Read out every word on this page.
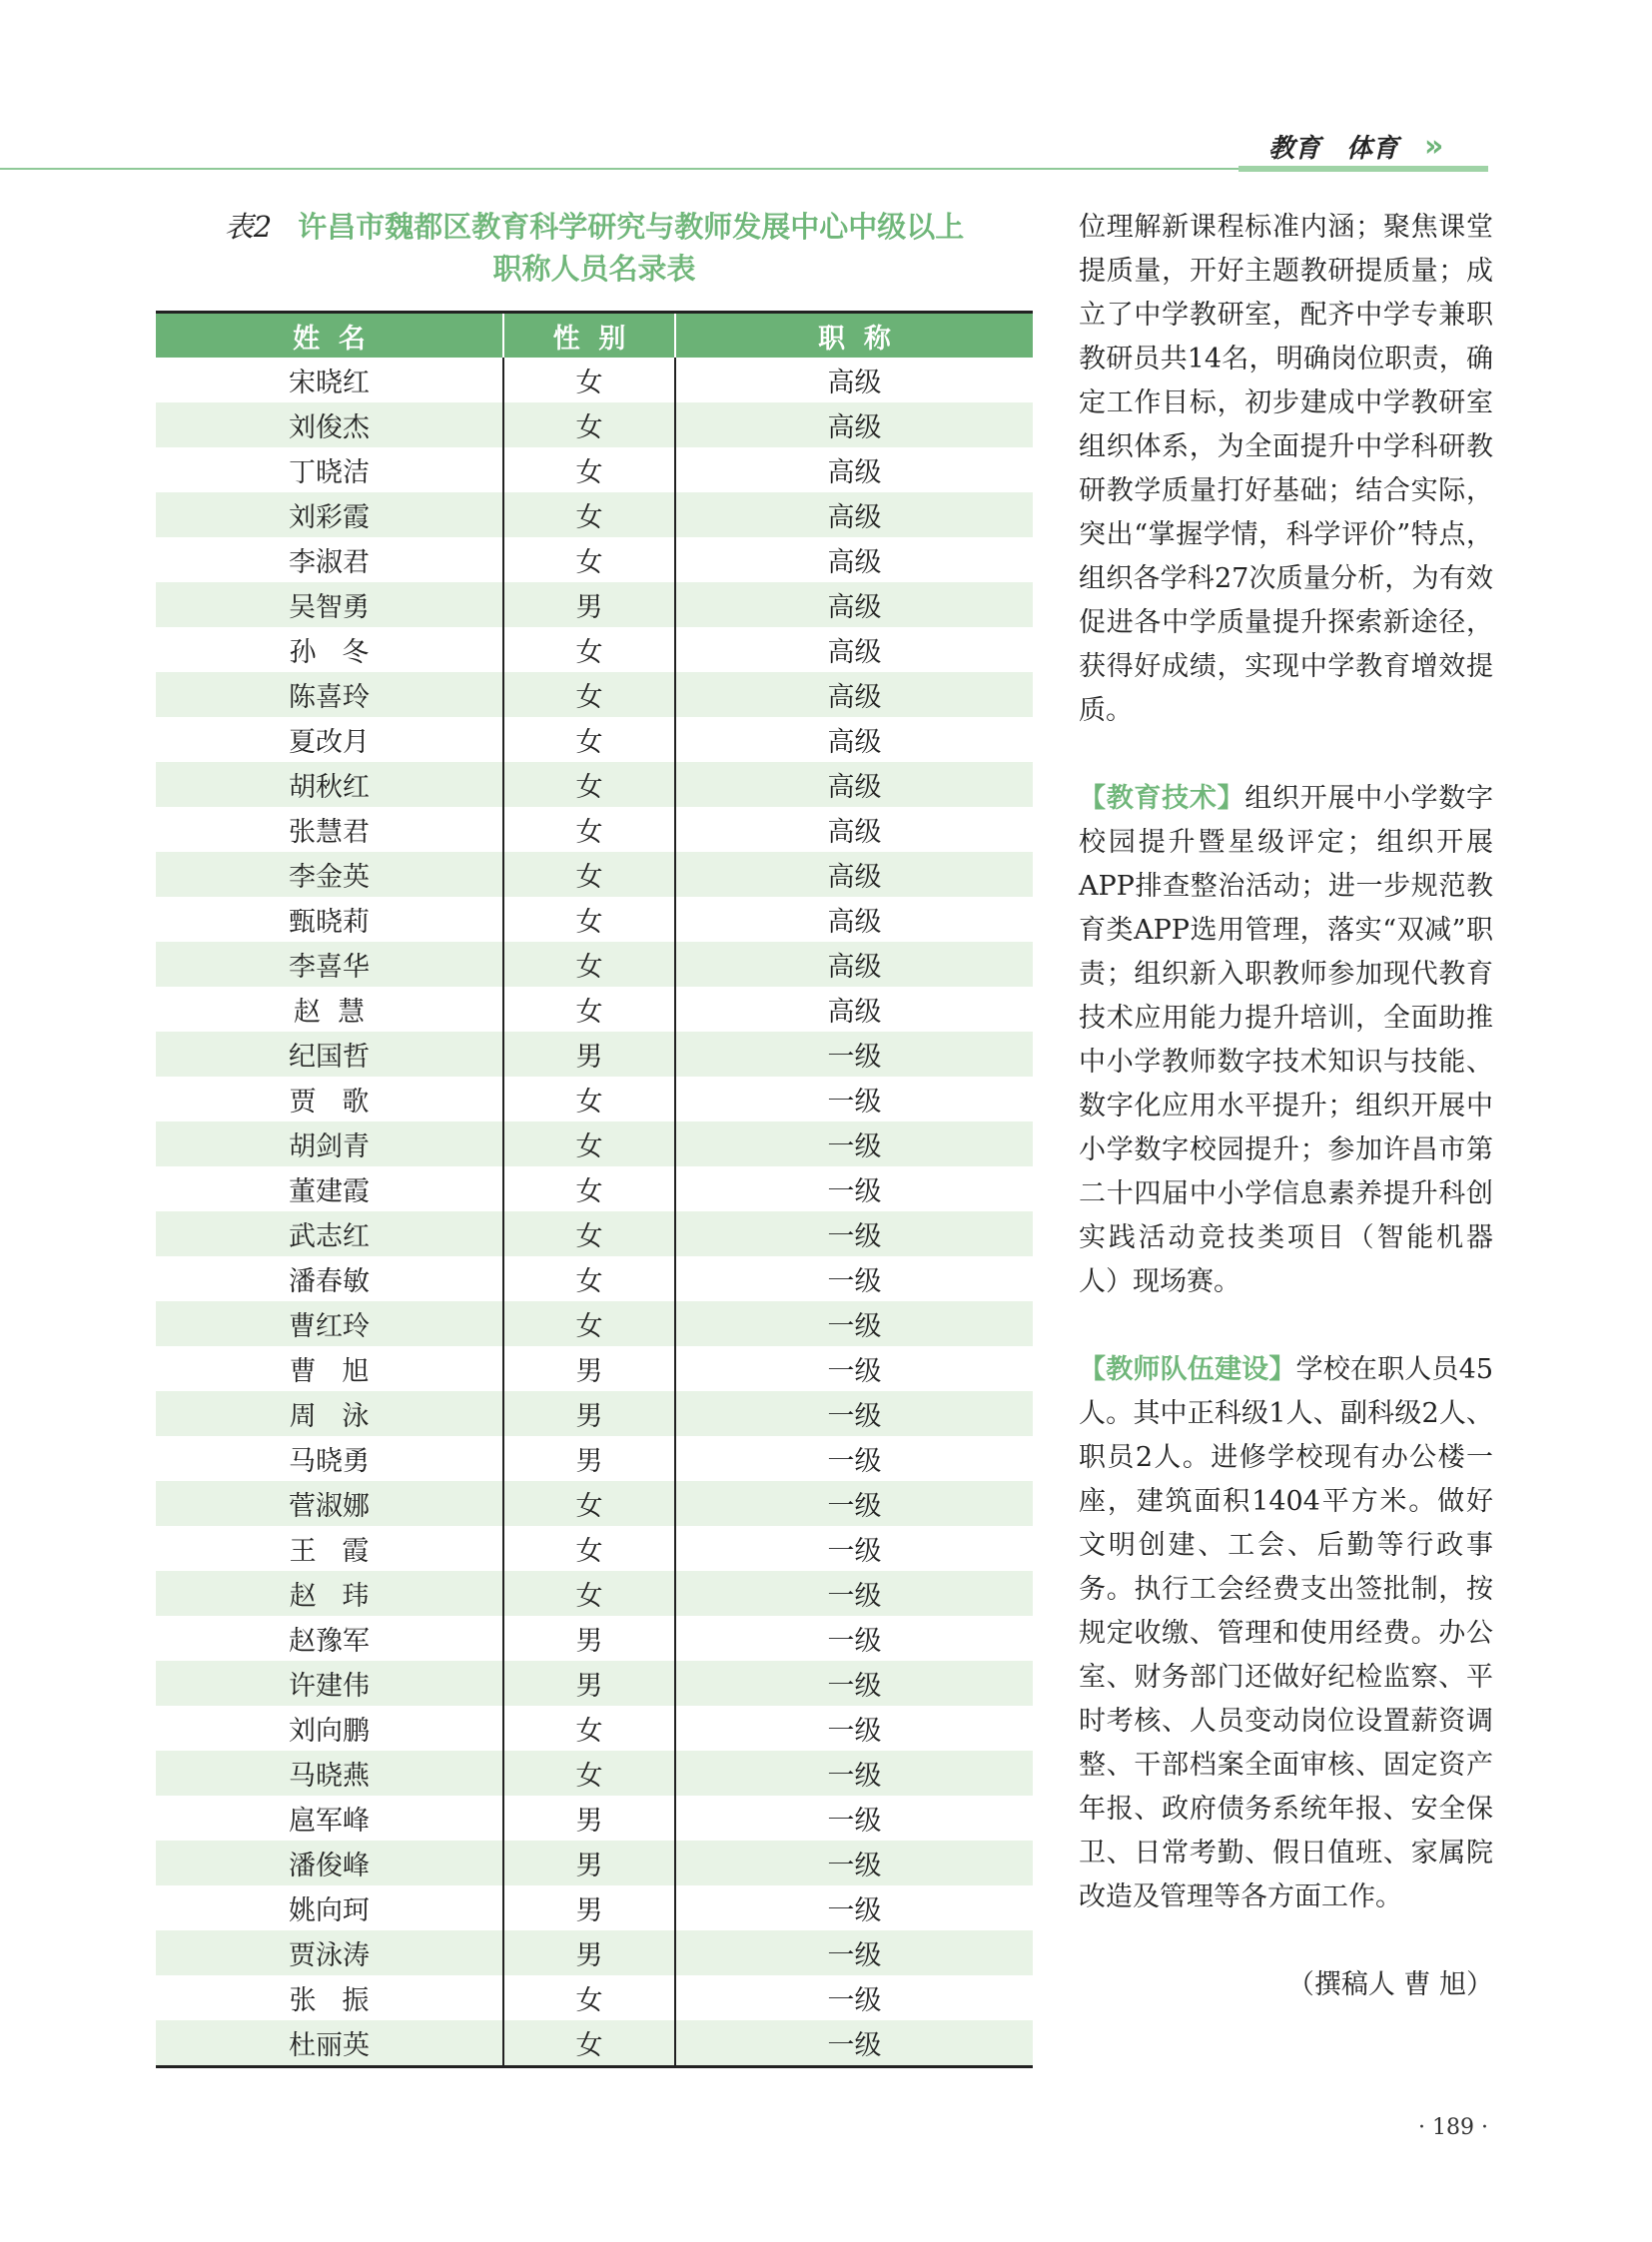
教育 体育 »
表2 许昌市魏都区教育科学研究与教师发展中心中级以上
职称人员名录表
姓  名	性  别	职  称
宋晓红	女	高级
刘俊杰	女	高级
丁晓洁	女	高级
刘彩霞	女	高级
李淑君	女	高级
吴智勇	男	高级
孙   冬	女	高级
陈喜玲	女	高级
夏改月	女	高级
胡秋红	女	高级
张慧君	女	高级
李金英	女	高级
甄晓莉	女	高级
李喜华	女	高级
赵  慧	女	高级
纪国哲	男	一级
贾   歌	女	一级
胡剑青	女	一级
董建霞	女	一级
武志红	女	一级
潘春敏	女	一级
曹红玲	女	一级
曹   旭	男	一级
周   泳	男	一级
马晓勇	男	一级
菅淑娜	女	一级
王   霞	女	一级
赵   玮	女	一级
赵豫军	男	一级
许建伟	男	一级
刘向鹏	女	一级
马晓燕	女	一级
扈军峰	男	一级
潘俊峰	男	一级
姚向珂	男	一级
贾泳涛	男	一级
张   振	女	一级
杜丽英	女	一级

位理解新课程标准内涵；聚焦课堂提质量，开好主题教研提质量；成立了中学教研室，配齐中学专兼职教研员共14名，明确岗位职责，确定工作目标，初步建成中学教研室组织体系，为全面提升中学科研教研教学质量打好基础；结合实际，突出“掌握学情，科学评价”特点，组织各学科27次质量分析，为有效促进各中学质量提升探索新途径，获得好成绩，实现中学教育增效提质。

【教育技术】组织开展中小学数字校园提升暨星级评定；组织开展APP排查整治活动；进一步规范教育类APP选用管理，落实“双减”职责；组织新入职教师参加现代教育技术应用能力提升培训，全面助推中小学教师数字技术知识与技能、数字化应用水平提升；组织开展中小学数字校园提升；参加许昌市第二十四届中小学信息素养提升科创实践活动竞技类项目（智能机器人）现场赛。

【教师队伍建设】学校在职人员45人。其中正科级1人、副科级2人、职员2人。进修学校现有办公楼一座，建筑面积1404平方米。做好文明创建、工会、后勤等行政事务。执行工会经费支出签批制，按规定收缴、管理和使用经费。办公室、财务部门还做好纪检监察、平时考核、人员变动岗位设置薪资调整、干部档案全面审核、固定资产年报、政府债务系统年报、安全保卫、日常考勤、假日值班、家属院改造及管理等各方面工作。

（撰稿人 曹 旭）

· 189 ·
